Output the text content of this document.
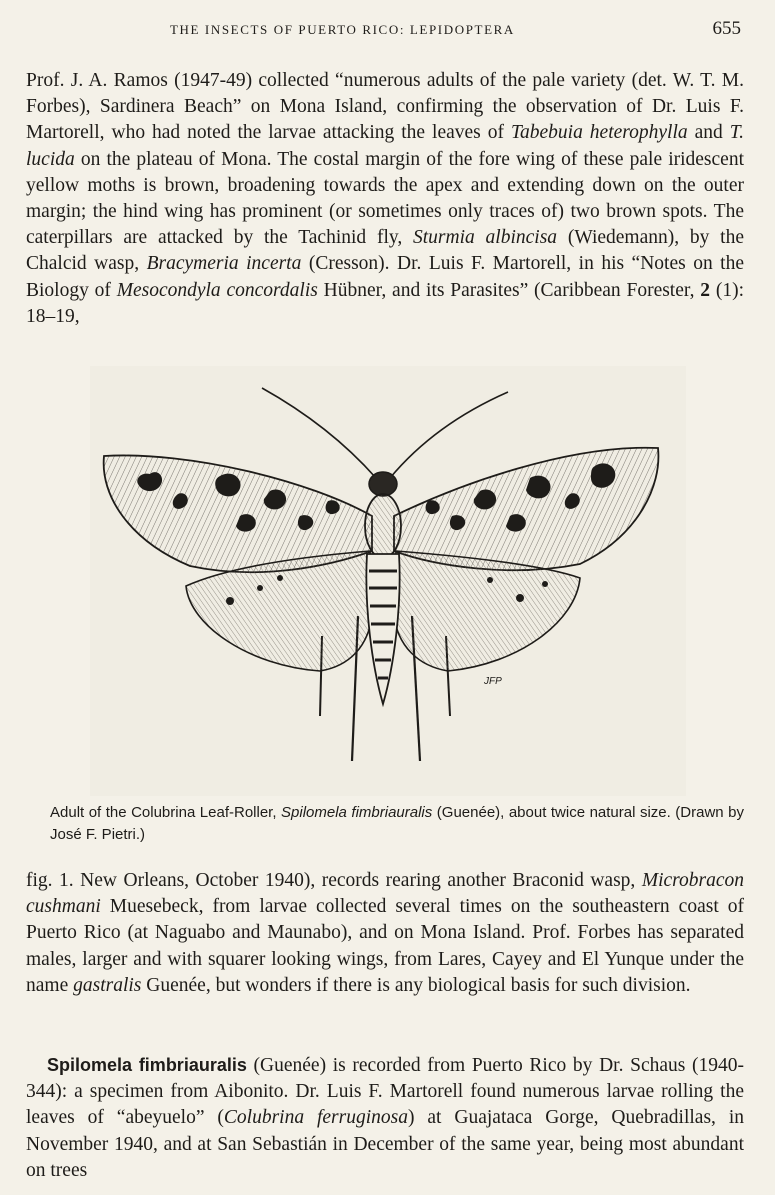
THE INSECTS OF PUERTO RICO: LEPIDOPTERA	655

Prof. J. A. Ramos (1947-49) collected “numerous adults of the pale variety (det. W. T. M. Forbes), Sardinera Beach” on Mona Island, confirming the observation of Dr. Luis F. Martorell, who had noted the larvae attacking the leaves of Tabebuia heterophylla and T. lucida on the plateau of Mona. The costal margin of the fore wing of these pale iridescent yellow moths is brown, broadening towards the apex and extending down on the outer margin; the hind wing has prominent (or sometimes only traces of) two brown spots. The caterpillars are attacked by the Tachinid fly, Sturmia albincisa (Wiedemann), by the Chalcid wasp, Bracymeria incerta (Cresson). Dr. Luis F. Martorell, in his “Notes on the Biology of Mesocondyla concordalis Hübner, and its Parasites” (Caribbean Forester, 2 (1): 18–19,

JFP

Adult of the Colubrina Leaf-Roller, Spilomela fimbriauralis (Guenée), about twice natural size. (Drawn by José F. Pietri.)

fig. 1. New Orleans, October 1940), records rearing another Braconid wasp, Microbracon cushmani Muesebeck, from larvae collected several times on the southeastern coast of Puerto Rico (at Naguabo and Maunabo), and on Mona Island. Prof. Forbes has separated males, larger and with squarer looking wings, from Lares, Cayey and El Yunque under the name gastralis Guenée, but wonders if there is any biological basis for such division.

Spilomela fimbriauralis (Guenée) is recorded from Puerto Rico by Dr. Schaus (1940-344): a specimen from Aibonito. Dr. Luis F. Martorell found numerous larvae rolling the leaves of “abeyuelo” (Colubrina ferruginosa) at Guajataca Gorge, Quebradillas, in November 1940, and at San Sebastián in December of the same year, being most abundant on trees
